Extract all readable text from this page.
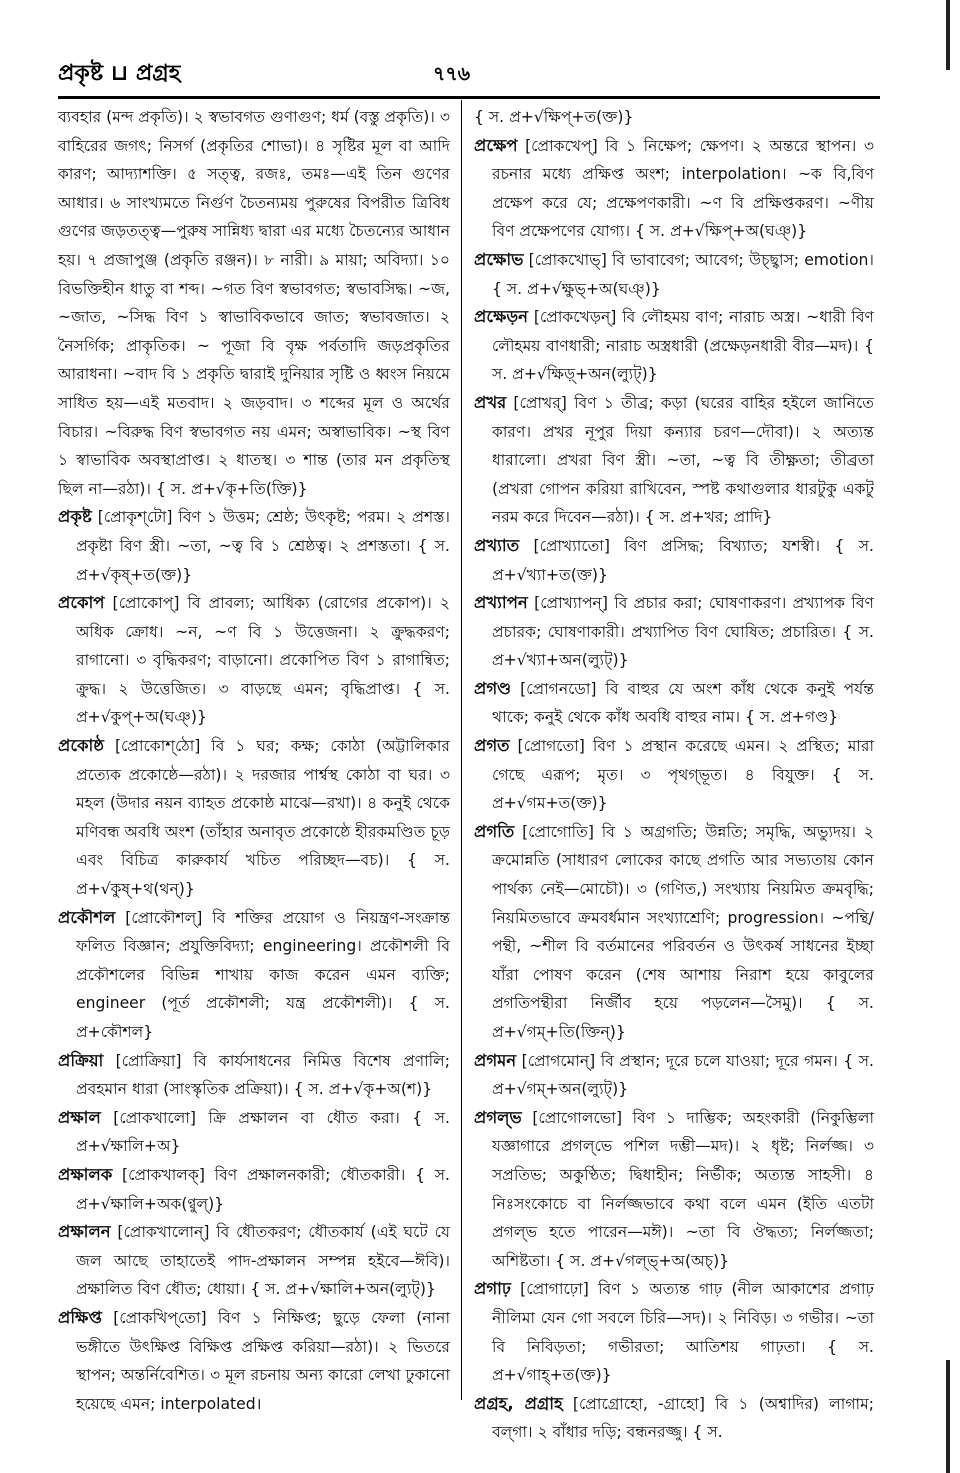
প্রকৃষ্ট ⊔ প্রগ্রহ	৭৭৬

ব্যবহার (মন্দ প্রকৃতি)। ২ স্বভাবগত গুণাগুণ; ধর্ম (বস্তু প্রকৃতি)। ৩ বাহিরের জগৎ; নিসর্গ (প্রকৃতির শোভা)। ৪ সৃষ্টির মূল বা আদি কারণ; আদ্যাশক্তি। ৫ সত্ত্ব, রজঃ, তমঃ—এই তিন গুণের আধার। ৬ সাংখ্যমতে নির্গুণ চৈতন্যময় পুরুষের বিপরীত ত্রিবিধ গুণের জড়তত্ত্ব—পুরুষ সান্নিধ্য দ্বারা এর মধ্যে চৈতন্যের আধান হয়। ৭ প্রজাপুঞ্জ (প্রকৃতি রঞ্জন)। ৮ নারী। ৯ মায়া; অবিদ্যা। ১০ বিভক্তিহীন ধাতু বা শব্দ। ~গত বিণ স্বভাবগত; স্বভাবসিদ্ধ। ~জ, ~জাত, ~সিদ্ধ বিণ ১ স্বাভাবিকভাবে জাত; স্বভাবজাত। ২ নৈসর্গিক; প্রাকৃতিক। ~ পূজা বি বৃক্ষ পর্বতাদি জড়প্রকৃতির আরাধনা। ~বাদ বি ১ প্রকৃতি দ্বারাই দুনিয়ার সৃষ্টি ও ধ্বংস নিয়মে সাধিত হয়—এই মতবাদ। ২ জড়বাদ। ৩ শব্দের মূল ও অর্থের বিচার। ~বিরুদ্ধ বিণ স্বভাবগত নয় এমন; অস্বাভাবিক। ~স্থ বিণ ১ স্বাভাবিক অবস্থাপ্রাপ্ত। ২ ধাতস্থ। ৩ শান্ত (তার মন প্রকৃতিস্থ ছিল না—রঠা)। { স. প্র+√কৃ+তি(ক্তি)}

প্রকৃষ্ট [প্রোকৃশ্‌টো] বিণ ১ উত্তম; শ্রেষ্ঠ; উৎকৃষ্ট; পরম। ২ প্রশস্ত। প্রকৃষ্টা বিণ স্ত্রী। ~তা, ~ত্ব বি ১ শ্রেষ্ঠত্ব। ২ প্রশস্ততা। { স. প্র+√কৃষ্‌+ত(ক্ত)}

প্রকোপ [প্রোকোপ্‌] বি প্রাবল্য; আধিক্য (রোগের প্রকোপ)। ২ অধিক ক্রোধ। ~ন, ~ণ বি ১ উত্তেজনা। ২ ক্রুদ্ধকরণ; রাগানো। ৩ বৃদ্ধিকরণ; বাড়ানো। প্রকোপিত বিণ ১ রাগান্বিত; ক্রুদ্ধ। ২ উত্তেজিত। ৩ বাড়ছে এমন; বৃদ্ধিপ্রাপ্ত। { স. প্র+√কুপ্‌+অ(ঘঞ্‌)}

প্রকোষ্ঠ [প্রোকোশ্‌ঠো] বি ১ ঘর; কক্ষ; কোঠা (অট্টালিকার প্রত্যেক প্রকোষ্ঠে—রঠা)। ২ দরজার পার্শ্বস্থ কোঠা বা ঘর। ৩ মহল (উদার নয়ন ব্যাহত প্রকোষ্ঠ মাঝে—রখা)। ৪ কনুই থেকে মণিবন্ধ অবধি অংশ (তাঁহার অনাবৃত প্রকোষ্ঠে হীরকমণ্ডিত চূড় এবং বিচিত্র কারুকার্য খচিত পরিচ্ছদ—বচ)। { স. প্র+√কুষ্‌+থ(থন্‌)}

প্রকৌশল [প্রোকৌশল্‌] বি শক্তির প্রয়োগ ও নিয়ন্ত্রণ-সংক্রান্ত ফলিত বিজ্ঞান; প্রযুক্তিবিদ্যা; engineering। প্রকৌশলী বি প্রকৌশলের বিভিন্ন শাখায় কাজ করেন এমন ব্যক্তি; engineer (পূর্ত প্রকৌশলী; যন্ত্র প্রকৌশলী)। { স. প্র+কৌশল}

প্রক্রিয়া [প্রোক্রিয়া] বি কার্যসাধনের নিমিত্ত বিশেষ প্রণালি; প্রবহমান ধারা (সাংস্কৃতিক প্রক্রিয়া)। { স. প্র+√কৃ+অ(শ)}

প্রক্ষাল [প্রোকখালো] ক্রি প্রক্ষালন বা ধৌত করা। { স. প্র+√ক্ষালি+অ}

প্রক্ষালক [প্রোকখালক্‌] বিণ প্রক্ষালনকারী; ধৌতকারী। { স. প্র+√ক্ষালি+অক(ণ্বুল্‌)}

প্রক্ষালন [প্রোকখালোন্‌] বি ধৌতকরণ; ধৌতকার্য (এই ঘটে যে জল আছে তাহাতেই পাদ-প্রক্ষালন সম্পন্ন হইবে—ঈবি)। প্রক্ষালিত বিণ ধৌত; ধোয়া। { স. প্র+√ক্ষালি+অন(ল্যুট্‌)}

প্রক্ষিপ্ত [প্রোকখিপ্‌তো] বিণ ১ নিক্ষিপ্ত; ছুড়ে ফেলা (নানা ভঙ্গীতে উৎক্ষিপ্ত বিক্ষিপ্ত প্রক্ষিপ্ত করিয়া—রঠা)। ২ ভিতরে স্থাপন; অন্তর্নিবেশিত। ৩ মূল রচনায় অন্য কারো লেখা ঢুকানো হয়েছে এমন; interpolated।

{ স. প্র+√ক্ষিপ্‌+ত(ক্ত)}

প্রক্ষেপ [প্রোকখেপ্‌] বি ১ নিক্ষেপ; ক্ষেপণ। ২ অন্তরে স্থাপন। ৩ রচনার মধ্যে প্রক্ষিপ্ত অংশ; interpolation। ~ক বি,বিণ প্রক্ষেপ করে যে; প্রক্ষেপণকারী। ~ণ বি প্রক্ষিপ্তকরণ। ~ণীয় বিণ প্রক্ষেপণের যোগ্য। { স. প্র+√ক্ষিপ্‌+অ(ঘঞ্‌)}

প্রক্ষোভ [প্রোকখোভ্‌] বি ভাবাবেগ; আবেগ; উচ্ছ্বাস; emotion। { স. প্র+√ক্ষুভ্‌+অ(ঘঞ্‌)}

প্রক্ষেড়ন [প্রোকখেড়ন্‌] বি লৌহময় বাণ; নারাচ অস্ত্র। ~ধারী বিণ লৌহময় বাণধারী; নারাচ অস্ত্রধারী (প্রক্ষেড়নধারী বীর—মদ)। { স. প্র+√ক্ষিড়্‌+অন(ল্যুট্‌)}

প্রখর [প্রোখর্‌] বিণ ১ তীব্র; কড়া (ঘরের বাহির হইলে জানিতে কারণ। প্রখর নূপুর দিয়া কন্যার চরণ—দৌবা)। ২ অত্যন্ত ধারালো। প্রখরা বিণ স্ত্রী। ~তা, ~ত্ব বি তীক্ষ্ণতা; তীব্রতা (প্রখরা গোপন করিয়া রাখিবেন, স্পষ্ট কথাগুলার ধারটুকু একটু নরম করে দিবেন—রঠা)। { স. প্র+খর; প্রাদি}

প্রখ্যাত [প্রোখ্যাতো] বিণ প্রসিদ্ধ; বিখ্যাত; যশস্বী। { স. প্র+√খ্যা+ত(ক্ত)}

প্রখ্যাপন [প্রোখ্যাপন্‌] বি প্রচার করা; ঘোষণাকরণ। প্রখ্যাপক বিণ প্রচারক; ঘোষণাকারী। প্রখ্যাপিত বিণ ঘোষিত; প্রচারিত। { স. প্র+√খ্যা+অন(ল্যুট্‌)}

প্রগণ্ড [প্রোগনডো] বি বাহুর যে অংশ কাঁধ থেকে কনুই পর্যন্ত থাকে; কনুই থেকে কাঁধ অবধি বাহুর নাম। { স. প্র+গণ্ড}

প্রগত [প্রোগতো] বিণ ১ প্রস্থান করেছে এমন। ২ প্রস্থিত; মারা গেছে এরূপ; মৃত। ৩ পৃথগ্‌ভূত। ৪ বিযুক্ত। { স. প্র+√গম+ত(ক্ত)}

প্রগতি [প্রোগোতি] বি ১ অগ্রগতি; উন্নতি; সমৃদ্ধি, অভ্যুদয়। ২ ক্রমোন্নতি (সাধারণ লোকের কাছে প্রগতি আর সভ্যতায় কোন পার্থক্য নেই—মোচৌ)। ৩ (গণিত,) সংখ্যায় নিয়মিত ক্রমবৃদ্ধি; নিয়মিতভাবে ক্রমবর্ধমান সংখ্যাশ্রেণি; progression। ~পন্থি/পন্থী, ~শীল বি বর্তমানের পরিবর্তন ও উৎকর্ষ সাধনের ইচ্ছা যাঁরা পোষণ করেন (শেষ আশায় নিরাশ হয়ে কাবুলের প্রগতিপন্থীরা নির্জীব হয়ে পড়লেন—সৈমু)। { স. প্র+√গম্‌+তি(ক্তিন্‌)}

প্রগমন [প্রোগমোন্‌] বি প্রস্থান; দূরে চলে যাওয়া; দূরে গমন। { স. প্র+√গম্‌+অন(ল্যুট্‌)}

প্রগল্‌ভ [প্রোগোলভো] বিণ ১ দাম্ভিক; অহংকারী (নিকুম্ভিলা যজ্ঞাগারে প্রগল্‌ভে পশিল দম্ভী—মদ)। ২ ধৃষ্ট; নির্লজ্জ। ৩ সপ্রতিভ; অকুণ্ঠিত; দ্বিধাহীন; নির্ভীক; অত্যন্ত সাহসী। ৪ নিঃসংকোচে বা নির্লজ্জভাবে কথা বলে এমন (ইতি এতটা প্রগল্‌ভ হতে পারেন—মঈ)। ~তা বি ঔদ্ধত্য; নির্লজ্জতা; অশিষ্টতা। { স. প্র+√গল্‌ভ্‌+অ(অচ্‌)}

প্রগাঢ় [প্রোগাঢ়ো] বিণ ১ অত্যন্ত গাঢ় (নীল আকাশের প্রগাঢ় নীলিমা যেন গো সবলে চিরি—সদ)। ২ নিবিড়। ৩ গভীর। ~তা বি নিবিড়তা; গভীরতা; আতিশয় গাঢ়তা। { স. প্র+√গাহ্‌+ত(ক্ত)}

প্রগ্রহ, প্রগ্রাহ [প্রোগ্রোহো, -গ্রাহো] বি ১ (অশ্বাদির) লাগাম; বল্‌গা। ২ বাঁধার দড়ি; বন্ধনরজ্জু। { স.
